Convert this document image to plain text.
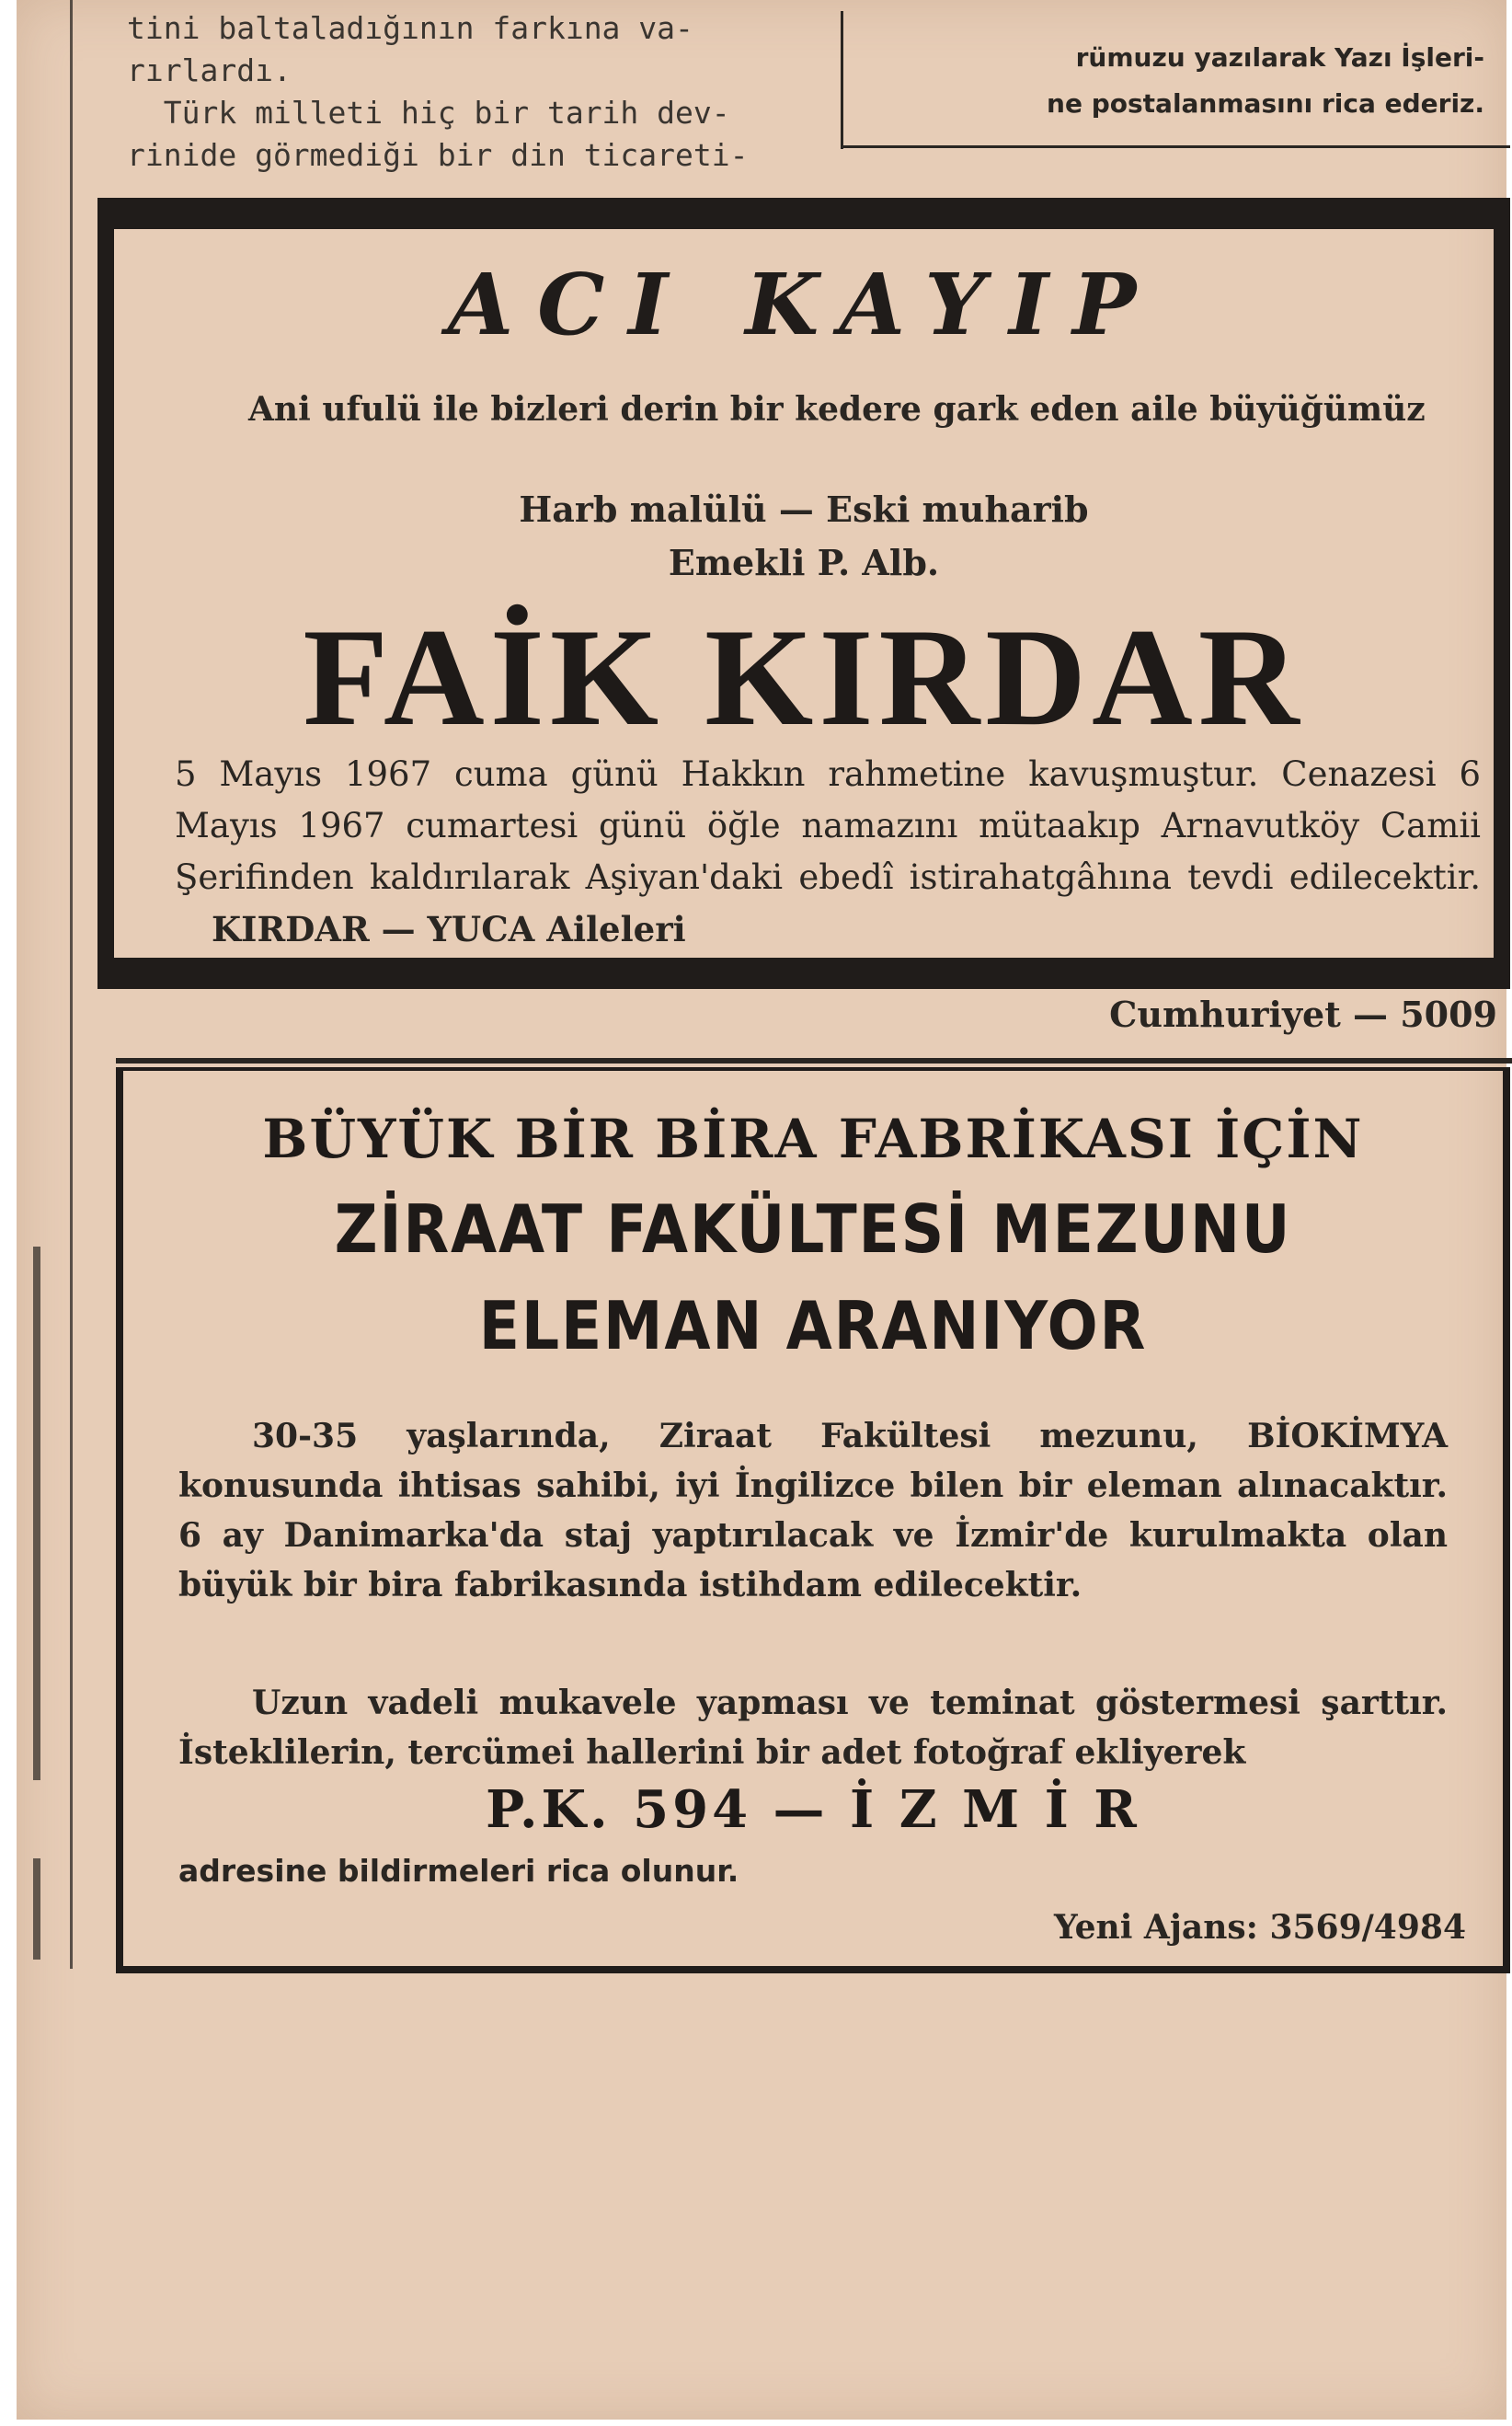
tini baltaladığının farkına va-

rırlardı.

Türk milleti hiç bir tarih dev-

rinide görmediği bir din ticareti-

rümuzu yazılarak Yazı İşleri-

ne postalanmasını rica ederiz.

ACI KAYIP
Ani ufulü ile bizleri derin bir kedere gark eden aile büyüğümüz
Harb malülü — Eski muharib
Emekli P. Alb.
FAİK KIRDAR
5 Mayıs 1967 cuma günü Hakkın rahmetine kavuşmuştur. Cenazesi 6 Mayıs 1967 cumartesi günü öğle namazını mütaakıp Arnavutköy Camii Şerifinden kaldırılarak Aşiyan'daki ebedî istirahatgâhına tevdi edilecektir. KIRDAR — YUCA Aileleri
Cumhuriyet — 5009
BÜYÜK BİR BİRA FABRİKASI İÇİN
ZİRAAT FAKÜLTESİ MEZUNU
ELEMAN ARANIYOR
30-35 yaşlarında, Ziraat Fakültesi mezunu, BİOKİMYA konusunda ihtisas sahibi, iyi İngilizce bilen bir eleman alınacaktır. 6 ay Danimarka'da staj yaptırılacak ve İzmir'de kurulmakta olan büyük bir bira fabrikasında istihdam edilecektir.
Uzun vadeli mukavele yapması ve teminat göstermesi şarttır. İsteklilerin, tercümei hallerini bir adet fotoğraf ekliyerek
P.K. 594 — İ Z M İ R
adresine bildirmeleri rica olunur.
Yeni Ajans: 3569/4984
